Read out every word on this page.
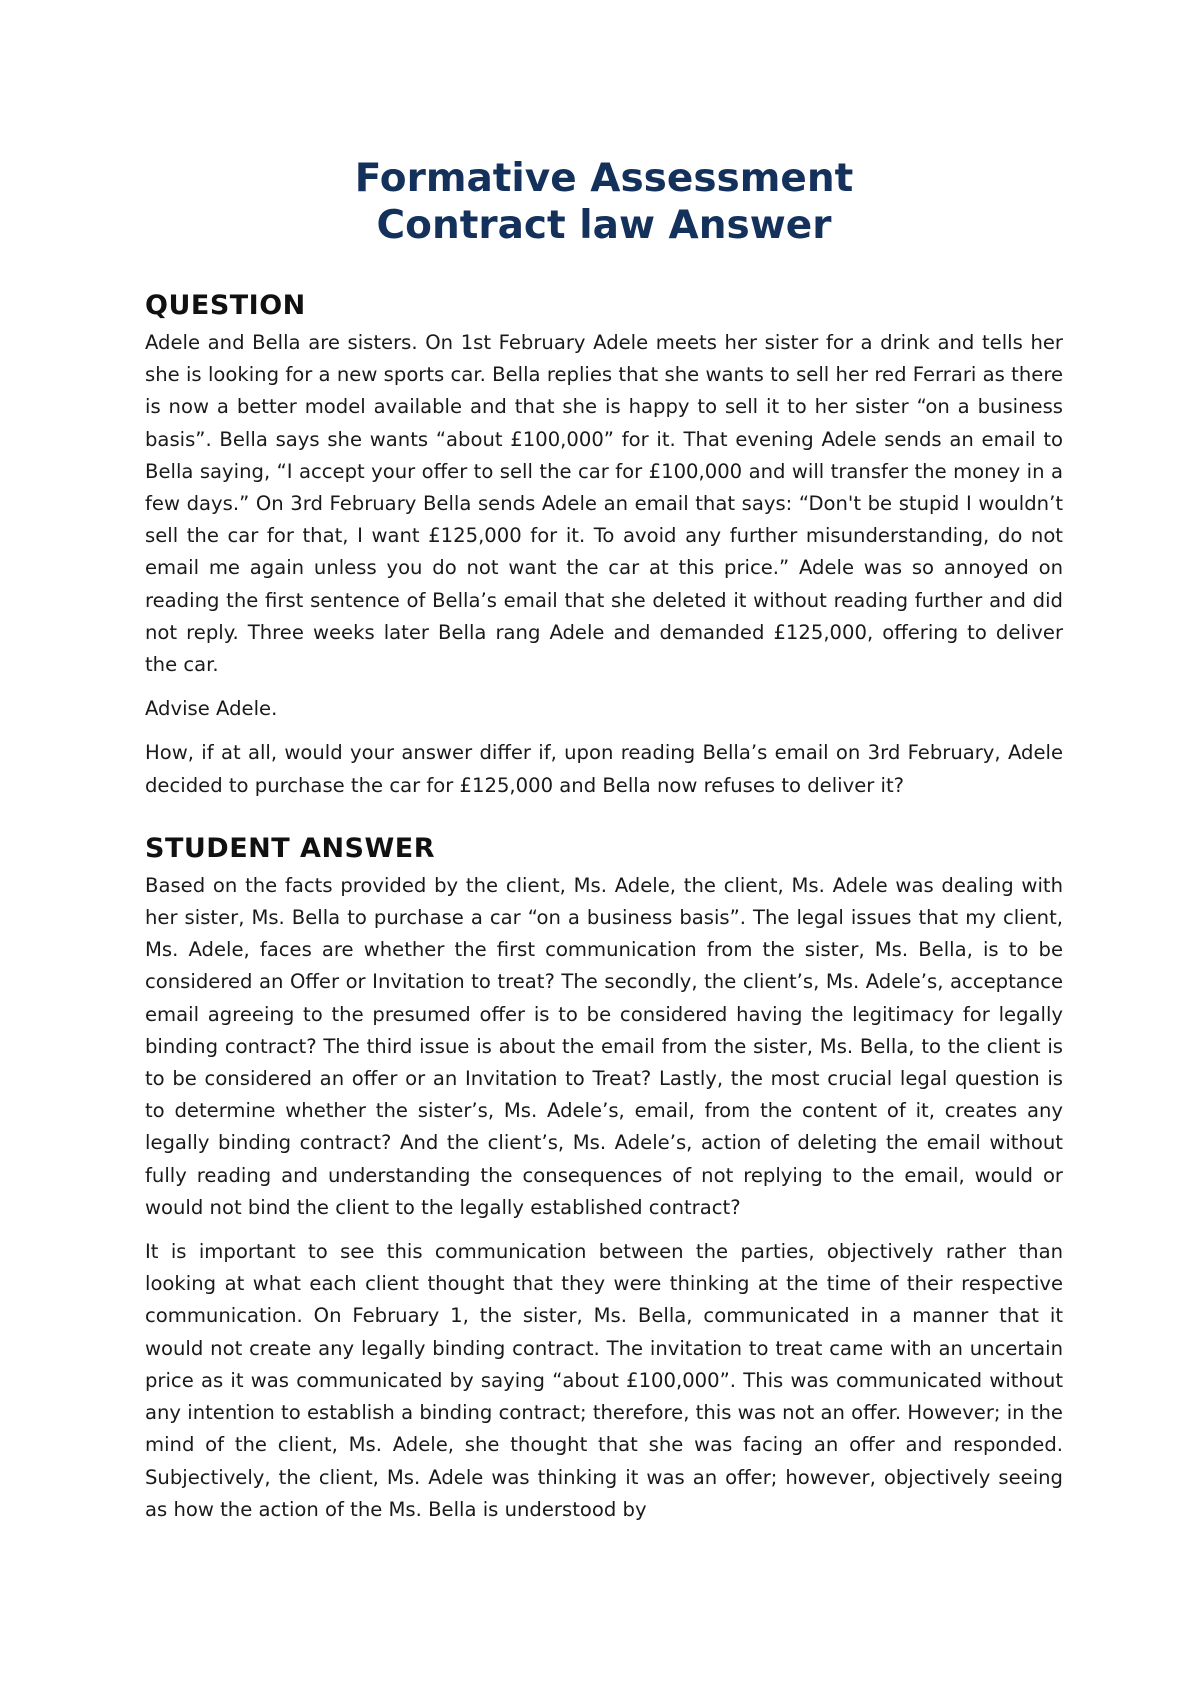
Formative Assessment
Contract law Answer
QUESTION

Adele and Bella are sisters. On 1st February Adele meets her sister for a drink and tells her she is looking for a new sports car. Bella replies that she wants to sell her red Ferrari as there is now a better model available and that she is happy to sell it to her sister “on a business basis”. Bella says she wants “about £100,000” for it. That evening Adele sends an email to Bella saying, “I accept your offer to sell the car for £100,000 and will transfer the money in a few days.” On 3rd February Bella sends Adele an email that says: “Don't be stupid I wouldn’t sell the car for that, I want £125,000 for it. To avoid any further misunderstanding, do not email me again unless you do not want the car at this price.” Adele was so annoyed on reading the first sentence of Bella’s email that she deleted it without reading further and did not reply. Three weeks later Bella rang Adele and demanded £125,000, offering to deliver the car.

Advise Adele.

How, if at all, would your answer differ if, upon reading Bella’s email on 3rd February, Adele decided to purchase the car for £125,000 and Bella now refuses to deliver it?

STUDENT ANSWER

Based on the facts provided by the client, Ms. Adele, the client, Ms. Adele was dealing with her sister, Ms. Bella to purchase a car “on a business basis”. The legal issues that my client, Ms. Adele, faces are whether the first communication from the sister, Ms. Bella, is to be considered an Offer or Invitation to treat? The secondly, the client’s, Ms. Adele’s, acceptance email agreeing to the presumed offer is to be considered having the legitimacy for legally binding contract? The third issue is about the email from the sister, Ms. Bella, to the client is to be considered an offer or an Invitation to Treat? Lastly, the most crucial legal question is to determine whether the sister’s, Ms. Adele’s, email, from the content of it, creates any legally binding contract? And the client’s, Ms. Adele’s, action of deleting the email without fully reading and understanding the consequences of not replying to the email, would or would not bind the client to the legally established contract?

It is important to see this communication between the parties, objectively rather than looking at what each client thought that they were thinking at the time of their respective communication. On February 1, the sister, Ms. Bella, communicated in a manner that it would not create any legally binding contract. The invitation to treat came with an uncertain price as it was communicated by saying “about £100,000”. This was communicated without any intention to establish a binding contract; therefore, this was not an offer. However; in the mind of the client, Ms. Adele, she thought that she was facing an offer and responded. Subjectively, the client, Ms. Adele was thinking it was an offer; however, objectively seeing as how the action of the Ms. Bella is understood by
